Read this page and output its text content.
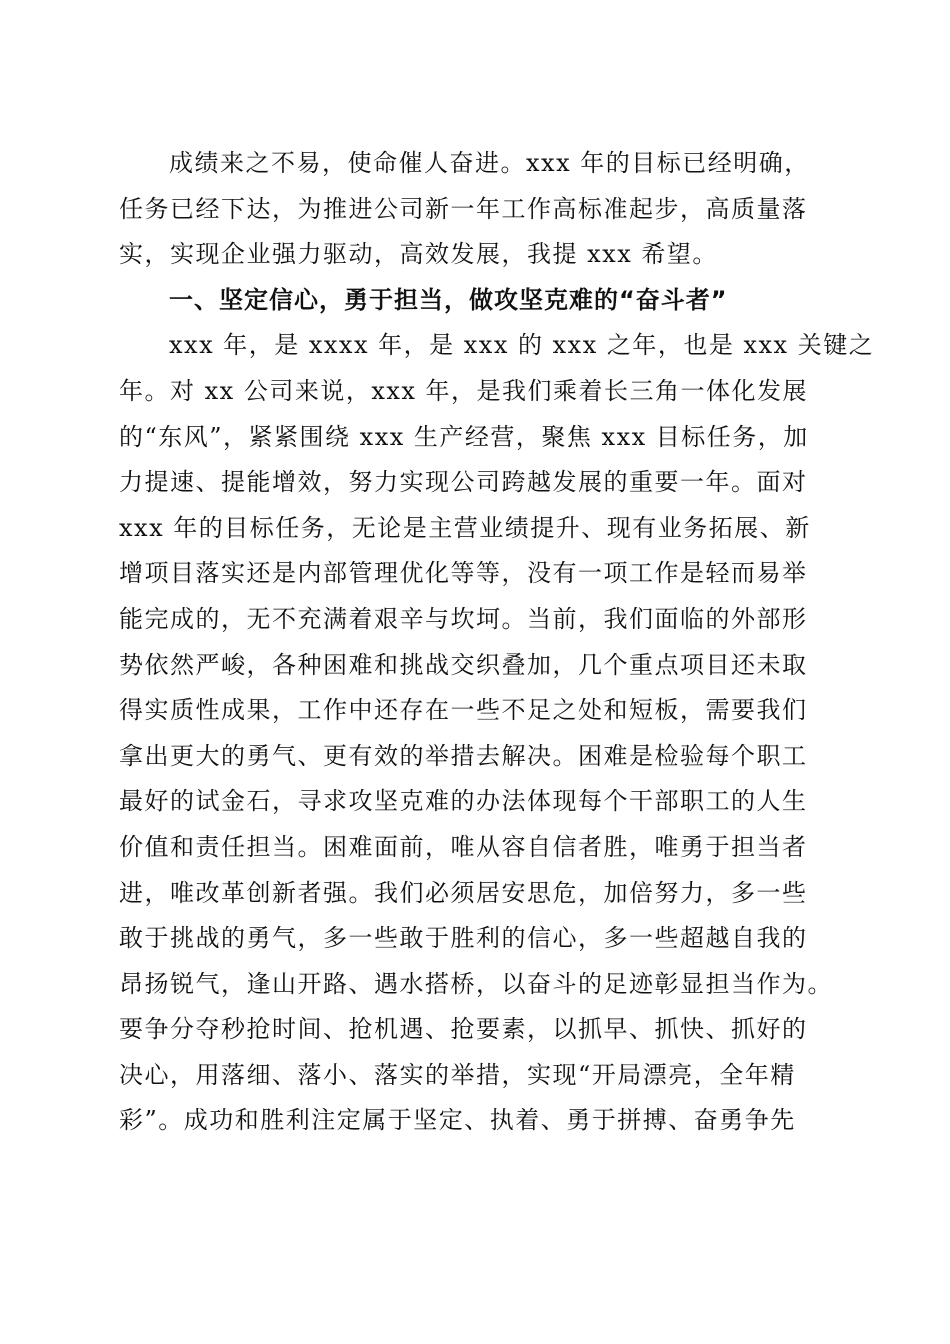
成绩来之不易，使命催人奋进。xxx 年的目标已经明确，
任务已经下达，为推进公司新一年工作高标准起步，高质量落
实，实现企业强力驱动，高效发展，我提 xxx 希望。
一、坚定信心，勇于担当，做攻坚克难的“奋斗者”
xxx 年，是 xxxx 年，是 xxx 的 xxx 之年，也是 xxx 关键之
年。对 xx 公司来说，xxx 年，是我们乘着长三角一体化发展
的“东风”，紧紧围绕 xxx 生产经营，聚焦 xxx 目标任务，加
力提速、提能增效，努力实现公司跨越发展的重要一年。面对
xxx 年的目标任务，无论是主营业绩提升、现有业务拓展、新
增项目落实还是内部管理优化等等，没有一项工作是轻而易举
能完成的，无不充满着艰辛与坎坷。当前，我们面临的外部形
势依然严峻，各种困难和挑战交织叠加，几个重点项目还未取
得实质性成果，工作中还存在一些不足之处和短板，需要我们
拿出更大的勇气、更有效的举措去解决。困难是检验每个职工
最好的试金石，寻求攻坚克难的办法体现每个干部职工的人生
价值和责任担当。困难面前，唯从容自信者胜，唯勇于担当者
进，唯改革创新者强。我们必须居安思危，加倍努力，多一些
敢于挑战的勇气，多一些敢于胜利的信心，多一些超越自我的
昂扬锐气，逢山开路、遇水搭桥，以奋斗的足迹彰显担当作为。
要争分夺秒抢时间、抢机遇、抢要素，以抓早、抓快、抓好的
决心，用落细、落小、落实的举措，实现“开局漂亮，全年精
彩”。成功和胜利注定属于坚定、执着、勇于拼搏、奋勇争先
